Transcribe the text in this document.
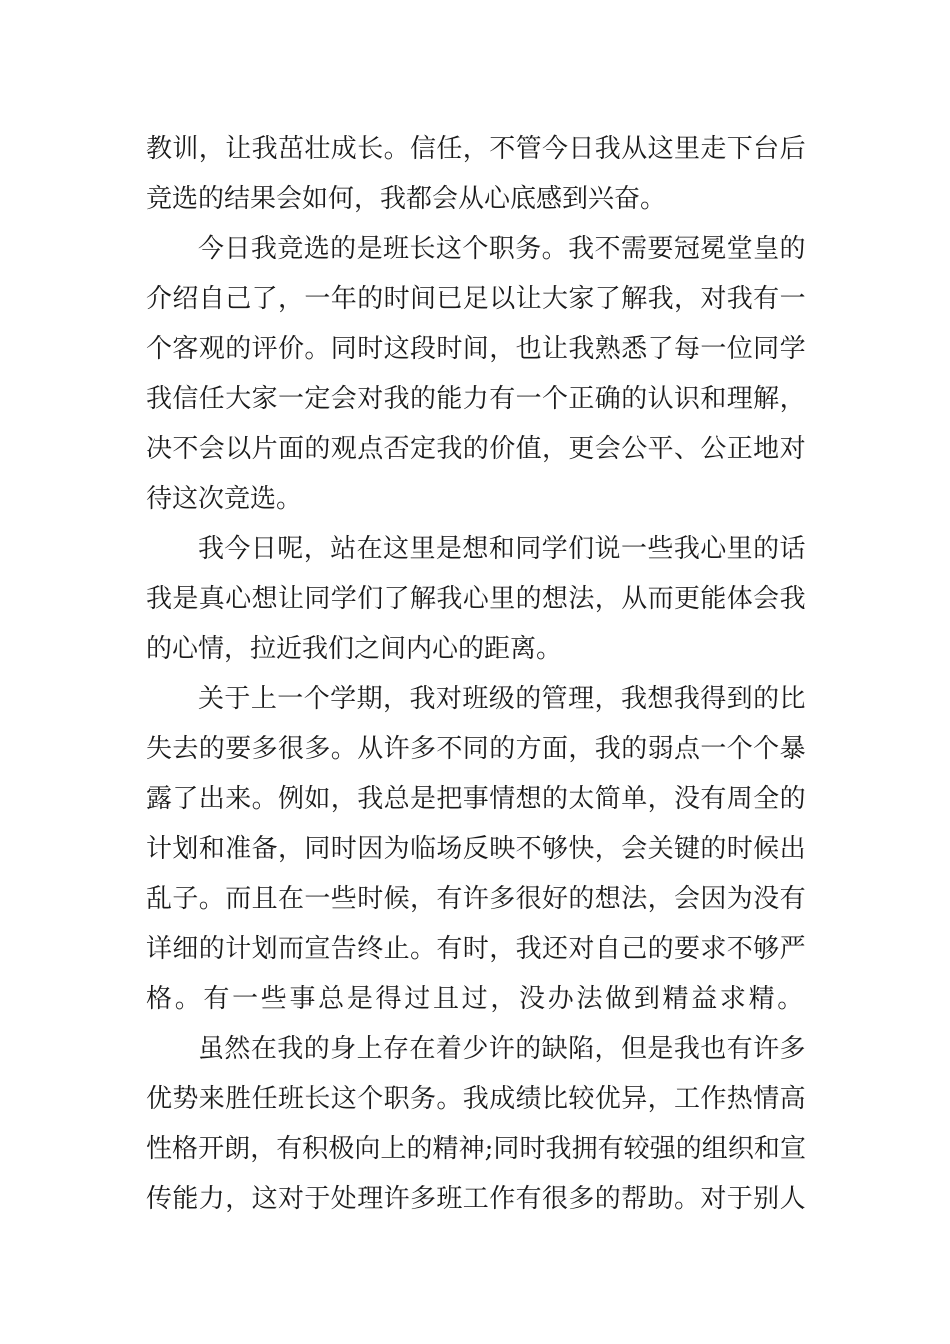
教训，让我茁壮成长。信任，不管今日我从这里走下台后
竞选的结果会如何，我都会从心底感到兴奋。
今日我竞选的是班长这个职务。我不需要冠冕堂皇的
介绍自己了，一年的时间已足以让大家了解我，对我有一
个客观的评价。同时这段时间，也让我熟悉了每一位同学
我信任大家一定会对我的能力有一个正确的认识和理解，
决不会以片面的观点否定我的价值，更会公平、公正地对
待这次竞选。
我今日呢，站在这里是想和同学们说一些我心里的话
我是真心想让同学们了解我心里的想法，从而更能体会我
的心情，拉近我们之间内心的距离。
关于上一个学期，我对班级的管理，我想我得到的比
失去的要多很多。从许多不同的方面，我的弱点一个个暴
露了出来。例如，我总是把事情想的太简单，没有周全的
计划和准备，同时因为临场反映不够快，会关键的时候出
乱子。而且在一些时候，有许多很好的想法，会因为没有
详细的计划而宣告终止。有时，我还对自己的要求不够严
格。有一些事总是得过且过，没办法做到精益求精。
虽然在我的身上存在着少许的缺陷，但是我也有许多
优势来胜任班长这个职务。我成绩比较优异，工作热情高
性格开朗，有积极向上的精神;同时我拥有较强的组织和宣
传能力，这对于处理许多班工作有很多的帮助。对于别人
